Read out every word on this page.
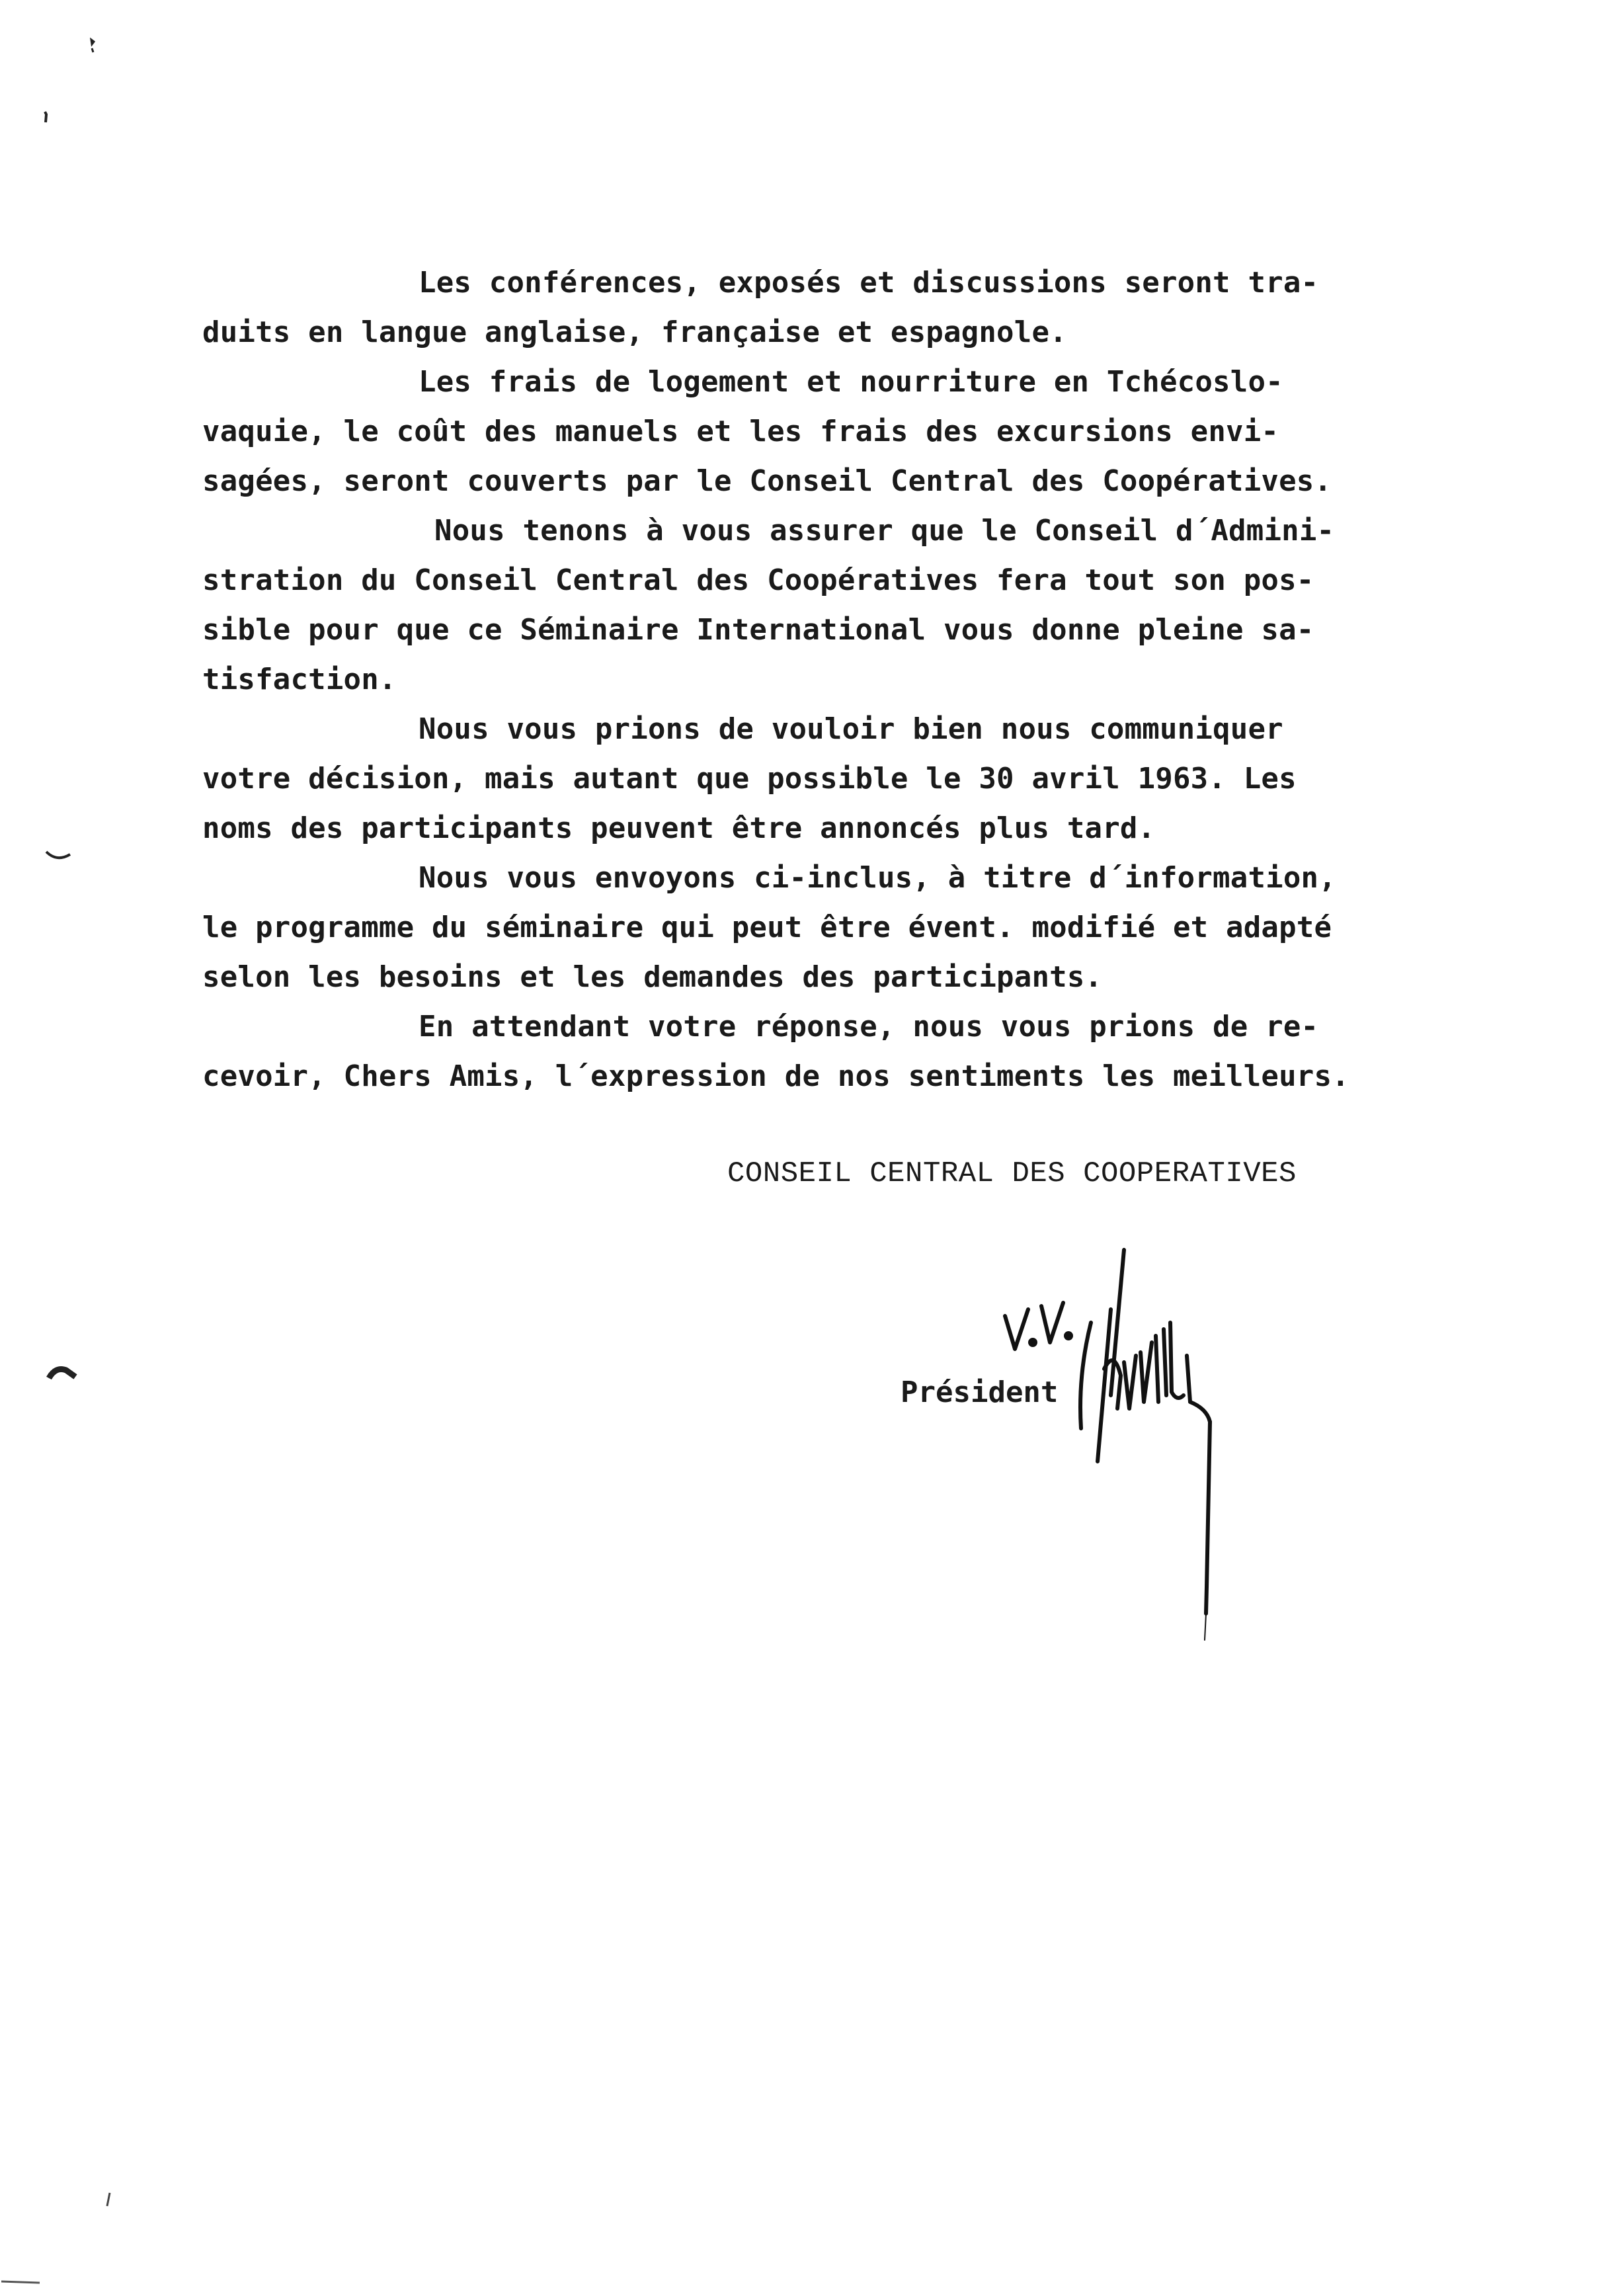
Les conférences, exposés et discussions seront tra-
duits en langue anglaise, française et espagnole.
Les frais de logement et nourriture en Tchécoslo-
vaquie, le coût des manuels et les frais des excursions envi-
sagées, seront couverts par le Conseil Central des Coopératives.
Nous tenons à vous assurer que le Conseil d´Admini-
stration du Conseil Central des Coopératives fera tout son pos-
sible pour que ce Séminaire International vous donne pleine sa-
tisfaction.
Nous vous prions de vouloir bien nous communiquer
votre décision, mais autant que possible le 30 avril 1963. Les
noms des participants peuvent être annoncés plus tard.
Nous vous envoyons ci-inclus, à titre d´information,
le programme du séminaire qui peut être évent. modifié et adapté
selon les besoins et les demandes des participants.
En attendant votre réponse, nous vous prions de re-
cevoir, Chers Amis, l´expression de nos sentiments les meilleurs.
CONSEIL CENTRAL DES COOPERATIVES
Président
